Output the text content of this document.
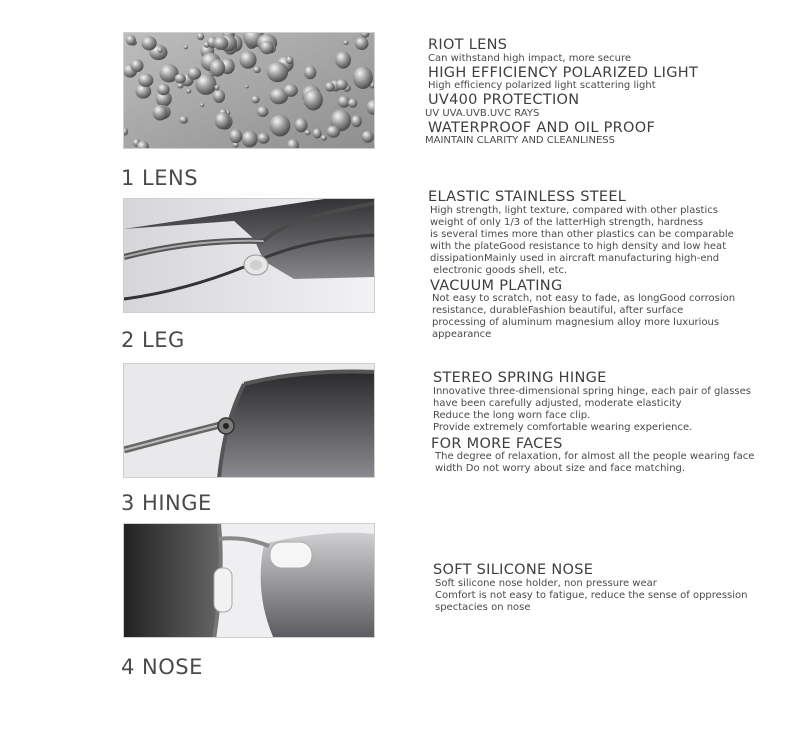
1 LENS
2 LEG
3 HINGE
4 NOSE
RIOT LENS
Can withstand high impact, more secure
HIGH EFFICIENCY POLARIZED LIGHT
High efficiency polarized light scattering light
UV400 PROTECTION
UV UVA.UVB.UVC RAYS
WATERPROOF AND OIL PROOF
MAINTAIN CLARITY AND CLEANLINESS
ELASTIC STAINLESS STEEL
High strength, light texture, compared with other plastics
weight of only 1/3 of the latterHigh strength, hardness
is several times more than other plastics can be comparable
with the plateGood resistance to high density and low heat
dissipationMainly used in aircraft manufacturing high-end
electronic goods shell, etc.
VACUUM PLATING
Not easy to scratch, not easy to fade, as longGood corrosion
resistance, durableFashion beautiful, after surface
processing of aluminum magnesium alloy more luxurious
appearance
STEREO SPRING HINGE
Innovative three-dimensional spring hinge, each pair of glasses
have been carefully adjusted, moderate elasticity
Reduce the long worn face clip.
Provide extremely comfortable wearing experience.
FOR MORE FACES
The degree of relaxation, for almost all the people wearing face
width Do not worry about size and face matching.
SOFT SILICONE NOSE
Soft silicone nose holder, non pressure wear
Comfort is not easy to fatigue, reduce the sense of oppression
spectacies on nose
